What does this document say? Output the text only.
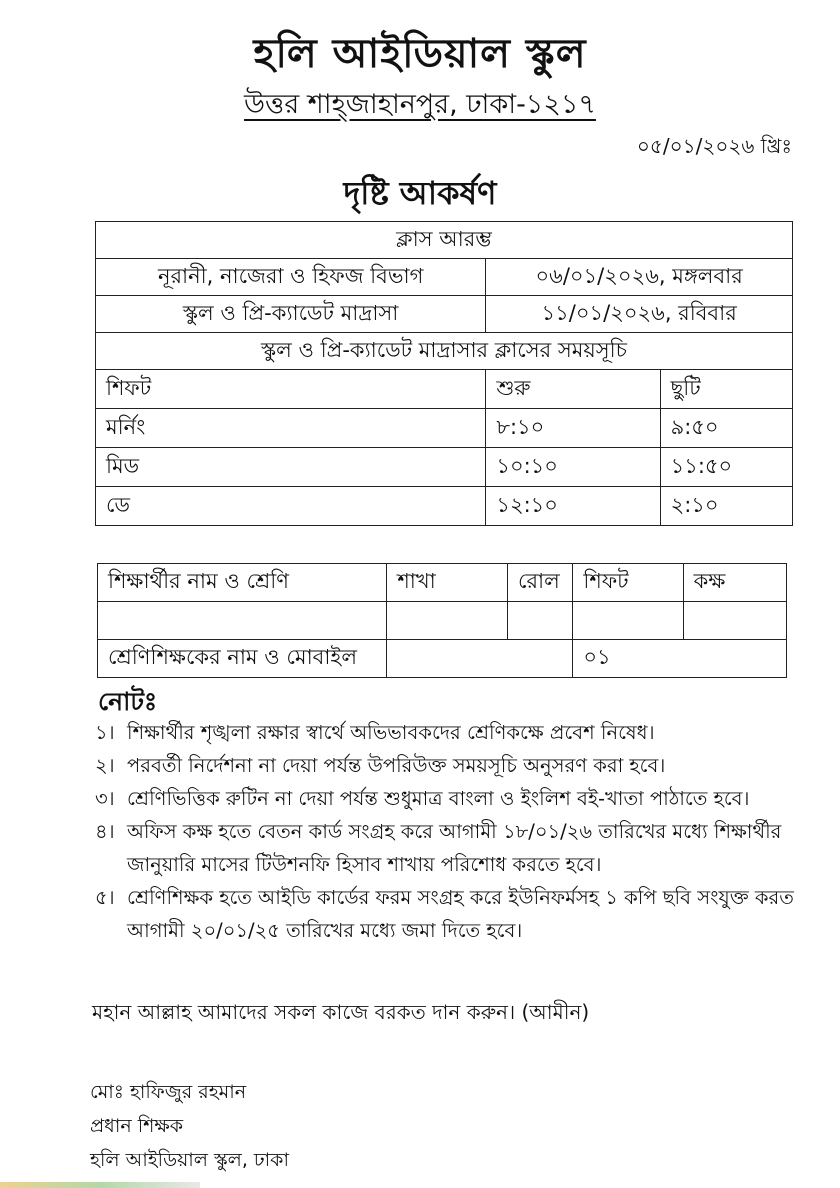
হলি আইডিয়াল স্কুল
উত্তর শাহ্জাহানপুর, ঢাকা-১২১৭
০৫/০১/২০২৬ খ্রিঃ
দৃষ্টি আকর্ষণ
ক্লাস আরম্ভ		
নূরানী, নাজেরা ও হিফজ বিভাগ	০৬/০১/২০২৬, মঙ্গলবার	
স্কুল ও প্রি-ক্যাডেট মাদ্রাসা	১১/০১/২০২৬, রবিবার	
স্কুল ও প্রি-ক্যাডেট মাদ্রাসার ক্লাসের সময়সূচি		
শিফট	শুরু	ছুটি
মর্নিং	৮:১০	৯:৫০
মিড	১০:১০	১১:৫০
ডে	১২:১০	২:১০
শিক্ষার্থীর নাম ও শ্রেণি	শাখা	রোল	শিফট	কক্ষ

শ্রেণিশিক্ষকের নাম ও মোবাইল			০১	
নোটঃ
১। শিক্ষার্থীর শৃঙ্খলা রক্ষার স্বার্থে অভিভাবকদের শ্রেণিকক্ষে প্রবেশ নিষেধ।
২। পরবর্তী নির্দেশনা না দেয়া পর্যন্ত উপরিউক্ত সময়সূচি অনুসরণ করা হবে।
৩। শ্রেণিভিত্তিক রুটিন না দেয়া পর্যন্ত শুধুমাত্র বাংলা ও ইংলিশ বই-খাতা পাঠাতে হবে।
৪। অফিস কক্ষ হতে বেতন কার্ড সংগ্রহ করে আগামী ১৮/০১/২৬ তারিখের মধ্যে শিক্ষার্থীর জানুয়ারি মাসের টিউশনফি হিসাব শাখায় পরিশোধ করতে হবে।
৫। শ্রেণিশিক্ষক হতে আইডি কার্ডের ফরম সংগ্রহ করে ইউনিফর্মসহ ১ কপি ছবি সংযুক্ত করত আগামী ২০/০১/২৫ তারিখের মধ্যে জমা দিতে হবে।
মহান আল্লাহ আমাদের সকল কাজে বরকত দান করুন। (আমীন)
মোঃ হাফিজুর রহমান
প্রধান শিক্ষক
হলি আইডিয়াল স্কুল, ঢাকা
